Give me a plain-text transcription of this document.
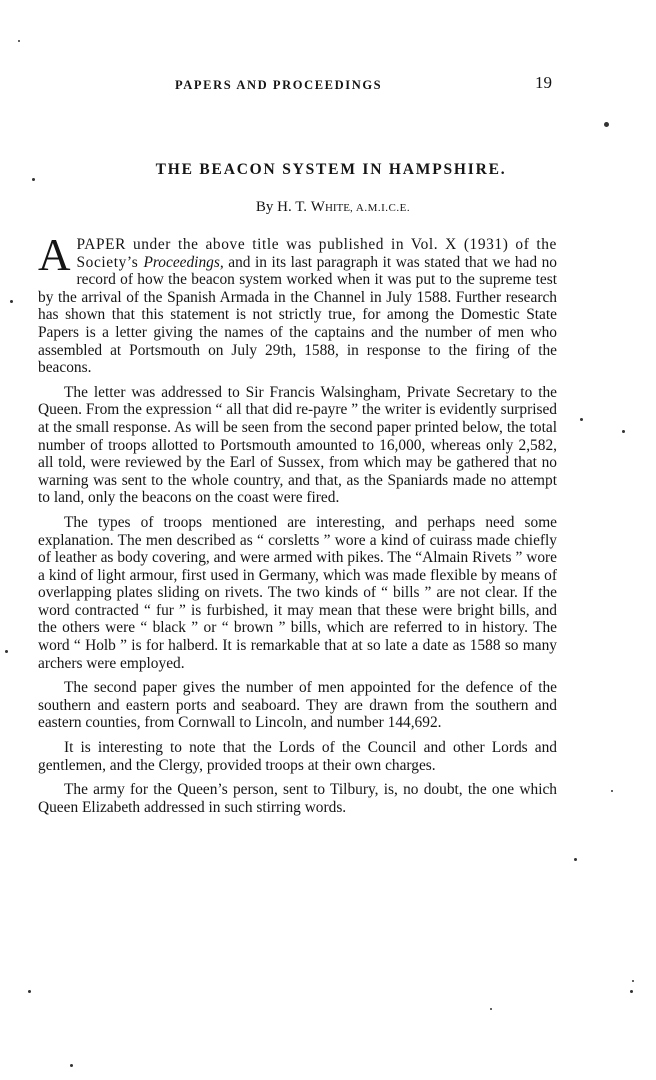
PAPERS AND PROCEEDINGS	19
THE BEACON SYSTEM IN HAMPSHIRE.
By H. T. White, A.M.I.C.E.

APAPER under the above title was published in Vol. X (1931) of the Society’s Proceedings, and in its last paragraph it was stated that we had no record of how the beacon system worked when it was put to the supreme test by the arrival of the Spanish Armada in the Channel in July 1588. Further research has shown that this statement is not strictly true, for among the Domestic State Papers is a letter giving the names of the captains and the number of men who assembled at Portsmouth on July 29th, 1588, in response to the firing of the beacons.

The letter was addressed to Sir Francis Walsingham, Private Secretary to the Queen. From the expression “ all that did re-payre ” the writer is evidently surprised at the small response. As will be seen from the second paper printed below, the total number of troops allotted to Portsmouth amounted to 16,000, whereas only 2,582, all told, were reviewed by the Earl of Sussex, from which may be gathered that no warning was sent to the whole country, and that, as the Spaniards made no attempt to land, only the beacons on the coast were fired.

The types of troops mentioned are interesting, and perhaps need some explanation. The men described as “ corsletts ” wore a kind of cuirass made chiefly of leather as body covering, and were armed with pikes. The “Almain Rivets ” wore a kind of light armour, first used in Germany, which was made flexible by means of overlapping plates sliding on rivets. The two kinds of “ bills ” are not clear. If the word contracted “ fur ” is furbished, it may mean that these were bright bills, and the others were “ black ” or “ brown ” bills, which are referred to in history. The word “ Holb ” is for halberd. It is remarkable that at so late a date as 1588 so many archers were employed.

The second paper gives the number of men appointed for the defence of the southern and eastern ports and seaboard. They are drawn from the southern and eastern counties, from Cornwall to Lincoln, and number 144,692.

It is interesting to note that the Lords of the Council and other Lords and gentlemen, and the Clergy, provided troops at their own charges.

The army for the Queen’s person, sent to Tilbury, is, no doubt, the one which Queen Elizabeth addressed in such stirring words.
